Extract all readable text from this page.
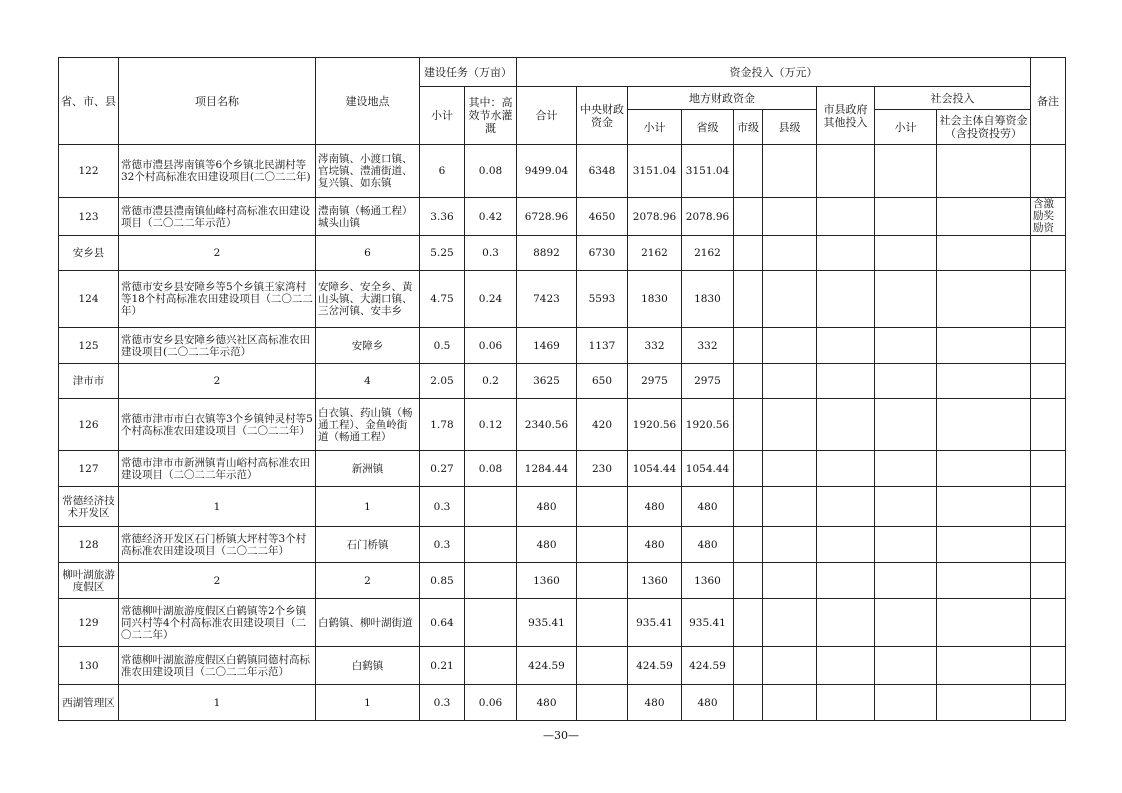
省、市、县	项目名称	建设地点	建设任务（万亩）		资金投入（万元）									备注
			小计	其中：高效节水灌溉	合计	中央财政资金	地方财政资金				市县政府其他投入	社会投入		
							小计	省级	市级	县级		小计	社会主体自筹资金（含投资投劳）	
122	常德市澧县涔南镇等6个乡镇北民湖村等32个村高标准农田建设项目(二〇二二年)	涔南镇、小渡口镇、官垸镇、澧浦街道、复兴镇、如东镇	6	0.08	9499.04	6348	3151.04	3151.04						
123	常德市澧县澧南镇仙峰村高标准农田建设项目（二〇二二年示范）	澧南镇（畅通工程）城头山镇	3.36	0.42	6728.96	4650	2078.96	2078.96						含激励奖励资
安乡县	2	6	5.25	0.3	8892	6730	2162	2162						
124	常德市安乡县安障乡等5个乡镇王家湾村等18个村高标准农田建设项目（二〇二二年）	安障乡、安全乡、黄山头镇、大湖口镇、三岔河镇、安丰乡	4.75	0.24	7423	5593	1830	1830						
125	常德市安乡县安障乡德兴社区高标准农田建设项目(二〇二二年示范）	安障乡	0.5	0.06	1469	1137	332	332						
津市市	2	4	2.05	0.2	3625	650	2975	2975						
126	常德市津市市白衣镇等3个乡镇钟灵村等5个村高标准农田建设项目（二〇二二年）	白衣镇、药山镇（畅通工程）、金鱼岭街道（畅通工程）	1.78	0.12	2340.56	420	1920.56	1920.56						
127	常德市津市市新洲镇青山峪村高标准农田建设项目（二〇二二年示范）	新洲镇	0.27	0.08	1284.44	230	1054.44	1054.44						
常德经济技术开发区	1	1	0.3		480		480	480						
128	常德经济开发区石门桥镇大坪村等3个村高标准农田建设项目（二〇二二年）	石门桥镇	0.3		480		480	480						
柳叶湖旅游度假区	2	2	0.85		1360		1360	1360						
129	常德柳叶湖旅游度假区白鹤镇等2个乡镇同兴村等4个村高标准农田建设项目（二〇二二年）	白鹤镇、柳叶湖街道	0.64		935.41		935.41	935.41						
130	常德柳叶湖旅游度假区白鹤镇同德村高标准农田建设项目（二〇二二年示范）	白鹤镇	0.21		424.59		424.59	424.59						
西湖管理区	1	1	0.3	0.06	480		480	480						
—30—
